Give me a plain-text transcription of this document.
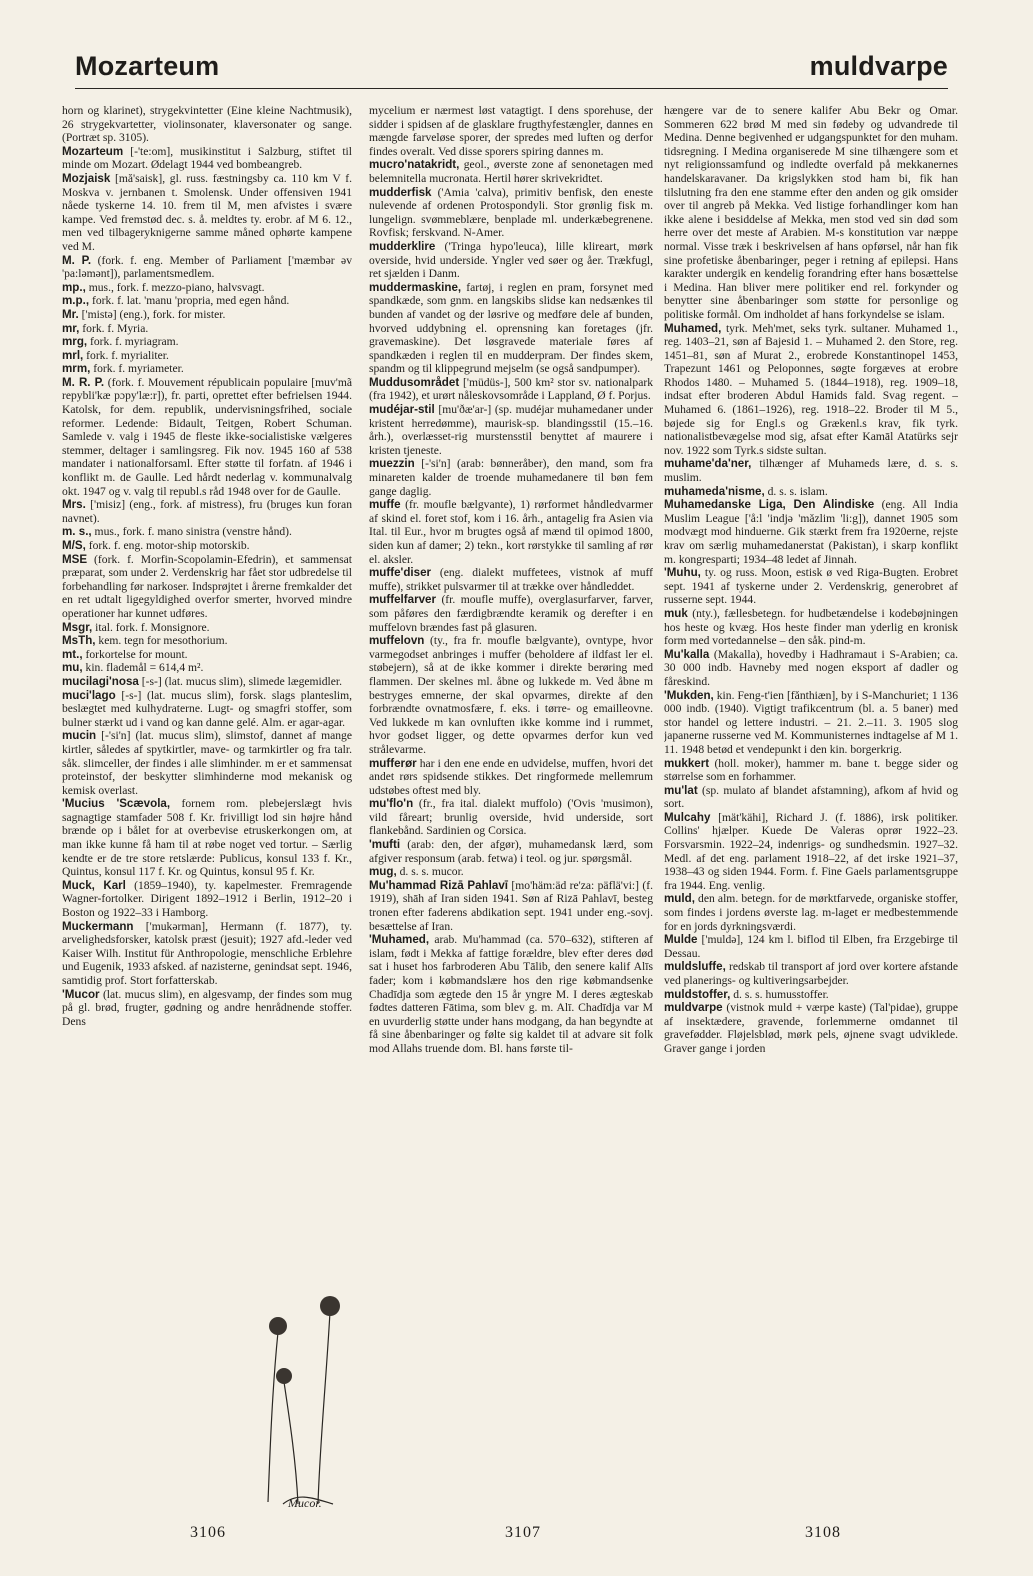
Mozarteum	muldvarpe

horn og klarinet), strygekvintetter (Eine kleine Nachtmusik), 26 strygekvartetter, violinsonater, klaversonater og sange. (Portræt sp. 3105).

Mozarteum [-'te:om], musikinstitut i Salzburg, stiftet til minde om Mozart. Ødelagt 1944 ved bombeangreb.

Mozjaisk [mă'saisk], gl. russ. fæstningsby ca. 110 km V f. Moskva v. jernbanen t. Smolensk. Under offensiven 1941 nåede tyskerne 14. 10. frem til M, men afvistes i svære kampe. Ved fremstød dec. s. å. meldtes ty. erobr. af M 6. 12., men ved tilbageryknigerne samme måned ophørte kampene ved M.

M. P. (fork. f. eng. Member of Parliament ['mæmbər əv 'pa:ləmənt]), parlamentsmedlem.

mp., mus., fork. f. mezzo-piano, halvsvagt.

m.p., fork. f. lat. 'manu 'propria, med egen hånd.

Mr. ['mistə] (eng.), fork. for mister.

mr, fork. f. Myria.

mrg, fork. f. myriagram.

mrl, fork. f. myrialiter.

mrm, fork. f. myriameter.

M. R. P. (fork. f. Mouvement républicain populaire [muv'mã repybli'kæ pɔpy'læ:r]), fr. parti, oprettet efter befrielsen 1944. Katolsk, for dem. republik, undervisningsfrihed, sociale reformer. Ledende: Bidault, Teitgen, Robert Schuman. Samlede v. valg i 1945 de fleste ikke-socialistiske vælgeres stemmer, deltager i samlingsreg. Fik nov. 1945 160 af 538 mandater i nationalforsaml. Efter støtte til forfatn. af 1946 i konflikt m. de Gaulle. Led hårdt nederlag v. kommunalvalg okt. 1947 og v. valg til republ.s råd 1948 over for de Gaulle.

Mrs. ['misiz] (eng., fork. af mistress), fru (bruges kun foran navnet).

m. s., mus., fork. f. mano sinistra (venstre hånd).

M/S, fork. f. eng. motor-ship motorskib.

MSE (fork. f. Morfin-Scopolamin-Efedrin), et sammensat præparat, som under 2. Verdenskrig har fået stor udbredelse til forbehandling før narkoser. Indsprøjtet i årerne fremkalder det en ret udtalt ligegyldighed overfor smerter, hvorved mindre operationer har kunnet udføres.

Msgr, ital. fork. f. Monsignore.

MsTh, kem. tegn for mesothorium.

mt., forkortelse for mount.

mu, kin. flademål = 614,4 m².

mucilagi'nosa [-s-] (lat. mucus slim), slimede lægemidler.

muci'lago [-s-] (lat. mucus slim), forsk. slags planteslim, beslægtet med kulhydraterne. Lugt- og smagfri stoffer, som bulner stærkt ud i vand og kan danne gelé. Alm. er agar-agar.

mucin [-'si'n] (lat. mucus slim), slimstof, dannet af mange kirtler, således af spytkirtler, mave- og tarmkirtler og fra talr. såk. slimceller, der findes i alle slimhinder. m er et sammensat proteinstof, der beskytter slimhinderne mod mekanisk og kemisk overlast.

'Mucius 'Scævola, fornem rom. plebejerslægt hvis sagnagtige stamfader 508 f. Kr. frivilligt lod sin højre hånd brænde op i bålet for at overbevise etruskerkongen om, at man ikke kunne få ham til at røbe noget ved tortur. – Særlig kendte er de tre store retslærde: Publicus, konsul 133 f. Kr., Quintus, konsul 117 f. Kr. og Quintus, konsul 95 f. Kr.

Muck, Karl (1859–1940), ty. kapelmester. Fremragende Wagner-fortolker. Dirigent 1892–1912 i Berlin, 1912–20 i Boston og 1922–33 i Hamborg.

Muckermann ['mukərman], Hermann (f. 1877), ty. arvelighedsforsker, katolsk præst (jesuit); 1927 afd.-leder ved Kaiser Wilh. Institut für Anthropologie, menschliche Erblehre und Eugenik, 1933 afsked. af nazisterne, genindsat sept. 1946, samtidig prof. Stort forfatterskab.

'Mucor (lat. mucus slim), en algesvamp, der findes som mug på gl. brød, frugter, gødning og andre henrådnende stoffer. Dens

mycelium er nærmest løst vatagtigt. I dens sporehuse, der sidder i spidsen af de glasklare frugthyfestængler, dannes en mængde farveløse sporer, der spredes med luften og derfor findes overalt. Ved disse sporers spiring dannes m.

mucro'natakridt, geol., øverste zone af senonetagen med belemnitella mucronata. Hertil hører skrivekridtet.

mudderfisk ('Amia 'calva), primitiv benfisk, den eneste nulevende af ordenen Protospondyli. Stor grønlig fisk m. lungelign. svømmeblære, benplade ml. underkæbegrenene. Rovfisk; ferskvand. N-Amer.

mudderklire ('Tringa hypo'leuca), lille klireart, mørk overside, hvid underside. Yngler ved søer og åer. Trækfugl, ret sjælden i Danm.

muddermaskine, fartøj, i reglen en pram, forsynet med spandkæde, som gnm. en langskibs slidse kan nedsænkes til bunden af vandet og der løsrive og medføre dele af bunden, hvorved uddybning el. oprensning kan foretages (jfr. gravemaskine). Det løsgravede materiale føres af spandkæden i reglen til en mudderpram. Der findes skem, spandm og til klippegrund mejselm (se også sandpumper).

Muddusområdet ['müdüs-], 500 km² stor sv. nationalpark (fra 1942), et urørt nåleskovsområde i Lappland, Ø f. Porjus.

mudéjar-stil [mu'ðæ'ar-] (sp. mudéjar muhamedaner under kristent herredømme), maurisk-sp. blandingsstil (15.–16. årh.), overlæsset-rig murstensstil benyttet af maurere i kristen tjeneste.

muezzin [-'si'n] (arab: bønneråber), den mand, som fra minareten kalder de troende muhamedanere til bøn fem gange daglig.

muffe (fr. moufle bælgvante), 1) rørformet håndledvarmer af skind el. foret stof, kom i 16. årh., antagelig fra Asien via Ital. til Eur., hvor m brugtes også af mænd til opimod 1800, siden kun af damer; 2) tekn., kort rørstykke til samling af rør el. aksler.

muffe'diser (eng. dialekt muffetees, vistnok af muff muffe), strikket pulsvarmer til at trække over håndleddet.

muffelfarver (fr. moufle muffe), overglasurfarver, farver, som påføres den færdigbrændte keramik og derefter i en muffelovn brændes fast på glasuren.

muffelovn (ty., fra fr. moufle bælgvante), ovntype, hvor varmegodset anbringes i muffer (beholdere af ildfast ler el. støbejern), så at de ikke kommer i direkte berøring med flammen. Der skelnes ml. åbne og lukkede m. Ved åbne m bestryges emnerne, der skal opvarmes, direkte af den forbrændte ovnatmosfære, f. eks. i tørre- og emailleovne. Ved lukkede m kan ovnluften ikke komme ind i rummet, hvor godset ligger, og dette opvarmes derfor kun ved strålevarme.

mufferør har i den ene ende en udvidelse, muffen, hvori det andet rørs spidsende stikkes. Det ringformede mellemrum udstøbes oftest med bly.

mu'flo'n (fr., fra ital. dialekt muffolo) ('Ovis 'musimon), vild fåreart; brunlig overside, hvid underside, sort flankebånd. Sardinien og Corsica.

'mufti (arab: den, der afgør), muhamedansk lærd, som afgiver responsum (arab. fetwa) i teol. og jur. spørgsmål.

mug, d. s. s. mucor.

Mu'hammad Rizā Pahlavī [mo'häm:äd re'za: päflä'vi:] (f. 1919), shāh af Iran siden 1941. Søn af Rizā Pahlavī, besteg tronen efter faderens abdikation sept. 1941 under eng.-sovj. besættelse af Iran.

'Muhamed, arab. Mu'hammad (ca. 570–632), stifteren af islam, født i Mekka af fattige forældre, blev efter deres død sat i huset hos farbroderen Abu Tālib, den senere kalif Alīs fader; kom i købmandslære hos den rige købmandsenke Chadīdja som ægtede den 15 år yngre M. I deres ægteskab fødtes datteren Fātima, som blev g. m. Alī. Chadīdja var M en uvurderlig støtte under hans modgang, da han begyndte at få sine åbenbaringer og følte sig kaldet til at advare sit folk mod Allahs truende dom. Bl. hans første til-

hængere var de to senere kalifer Abu Bekr og Omar. Sommeren 622 brød M med sin fødeby og udvandrede til Medina. Denne begivenhed er udgangspunktet for den muham. tidsregning. I Medina organiserede M sine tilhængere som et nyt religionssamfund og indledte overfald på mekkanernes handelskaravaner. Da krigslykken stod ham bi, fik han tilslutning fra den ene stamme efter den anden og gik omsider over til angreb på Mekka. Ved listige forhandlinger kom han ikke alene i besiddelse af Mekka, men stod ved sin død som herre over det meste af Arabien. M-s konstitution var næppe normal. Visse træk i beskrivelsen af hans opførsel, når han fik sine profetiske åbenbaringer, peger i retning af epilepsi. Hans karakter undergik en kendelig forandring efter hans bosættelse i Medina. Han bliver mere politiker end rel. forkynder og benytter sine åbenbaringer som støtte for personlige og politiske formål. Om indholdet af hans forkyndelse se islam.

Muhamed, tyrk. Meh'met, seks tyrk. sultaner. Muhamed 1., reg. 1403–21, søn af Bajesid 1. – Muhamed 2. den Store, reg. 1451–81, søn af Murat 2., erobrede Konstantinopel 1453, Trapezunt 1461 og Peloponnes, søgte forgæves at erobre Rhodos 1480. – Muhamed 5. (1844–1918), reg. 1909–18, indsat efter broderen Abdul Hamids fald. Svag regent. – Muhamed 6. (1861–1926), reg. 1918–22. Broder til M 5., bøjede sig for Engl.s og Grækenl.s krav, fik tyrk. nationalistbevægelse mod sig, afsat efter Kamāl Atatürks sejr nov. 1922 som Tyrk.s sidste sultan.

muhame'da'ner, tilhænger af Muhameds lære, d. s. s. muslim.

muhameda'nisme, d. s. s. islam.

Muhamedanske Liga, Den Alindiske (eng. All India Muslim League ['å:l 'indjə 'mǎzlim 'li:g]), dannet 1905 som modvægt mod hinduerne. Gik stærkt frem fra 1920erne, rejste krav om særlig muhamedanerstat (Pakistan), i skarp konflikt m. kongresparti; 1934–48 ledet af Jinnah.

'Muhu, ty. og russ. Moon, estisk ø ved Riga-Bugten. Erobret sept. 1941 af tyskerne under 2. Verdenskrig, generobret af russerne sept. 1944.

muk (nty.), fællesbetegn. for hudbetændelse i kodebøjningen hos heste og kvæg. Hos heste finder man yderlig en kronisk form med vortedannelse – den såk. pind-m.

Mu'kalla (Makalla), hovedby i Hadhramaut i S-Arabien; ca. 30 000 indb. Havneby med nogen eksport af dadler og fåreskind.

'Mukden, kin. Feng-t'ien [fǎnthiæn], by i S-Manchuriet; 1 136 000 indb. (1940). Vigtigt trafikcentrum (bl. a. 5 baner) med stor handel og lettere industri. – 21. 2.–11. 3. 1905 slog japanerne russerne ved M. Kommunisternes indtagelse af M 1. 11. 1948 betød et vendepunkt i den kin. borgerkrig.

mukkert (holl. moker), hammer m. bane t. begge sider og størrelse som en forhammer.

mu'lat (sp. mulato af blandet afstamning), afkom af hvid og sort.

Mulcahy [mät'kähi], Richard J. (f. 1886), irsk politiker. Collins' hjælper. Kuede De Valeras oprør 1922–23. Forsvarsmin. 1922–24, indenrigs- og sundhedsmin. 1927–32. Medl. af det eng. parlament 1918–22, af det irske 1921–37, 1938–43 og siden 1944. Form. f. Fine Gaels parlamentsgruppe fra 1944. Eng. venlig.

muld, den alm. betegn. for de mørktfarvede, organiske stoffer, som findes i jordens øverste lag. m-laget er medbestemmende for en jords dyrkningsværdi.

Mulde ['muldə], 124 km l. biflod til Elben, fra Erzgebirge til Dessau.

muldsluffe, redskab til transport af jord over kortere afstande ved planerings- og kultiveringsarbejder.

muldstoffer, d. s. s. humusstoffer.

muldvarpe (vistnok muld + værpe kaste) (Tal'pidae), gruppe af insektædere, gravende, forlemmerne omdannet til gravefødder. Fløjelsblød, mørk pels, øjnene svagt udviklede. Graver gange i jorden

Mucor.
3106	3107	3108
